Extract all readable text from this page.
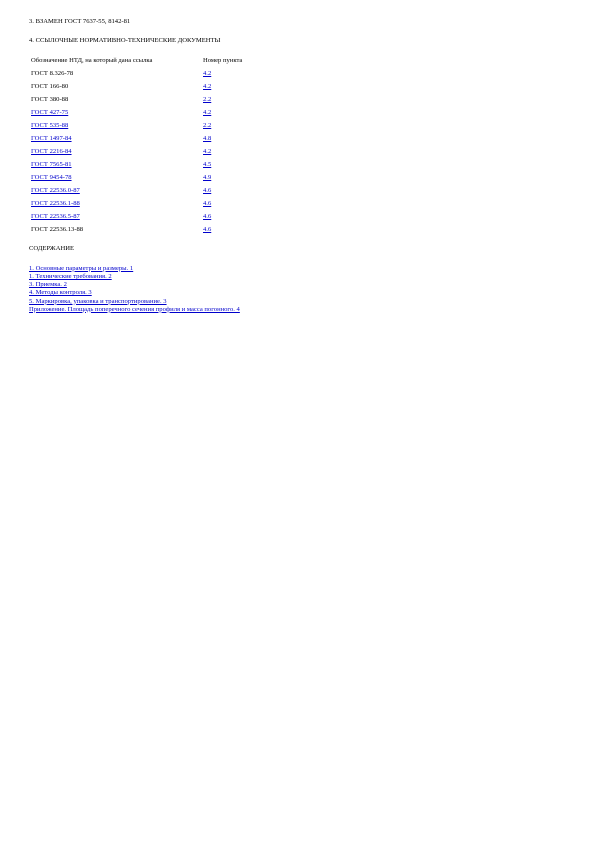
3. ВЗАМЕН ГОСТ 7637-55, 8142-81
4. ССЫЛОЧНЫЕ НОРМАТИВНО-ТЕХНИЧЕСКИЕ ДОКУМЕНТЫ
Обозначение НТД, на который дана ссылка	Номер пункта
ГОСТ 8.326-78	4.2
ГОСТ 166-80	4.2
ГОСТ 380-88	2.2
ГОСТ 427-75	4.2
ГОСТ 535-88	2.2
ГОСТ 1497-84	4.8
ГОСТ 2216-84	4.2
ГОСТ 7565-81	4.5
ГОСТ 9454-78	4.9
ГОСТ 22536.0-87	4.6
ГОСТ 22536.1-88	4.6
ГОСТ 22536.5-87	4.6
ГОСТ 22536.13-88	4.6
СОДЕРЖАНИЕ
1. Основные параметры и размеры. 1
1. Технические требования. 2
3. Приемка. 2
4. Методы контроля. 3
5. Маркировка, упаковка и транспортирование. 3
Приложение. Площадь поперечного сечения профиля и масса погонного. 4
